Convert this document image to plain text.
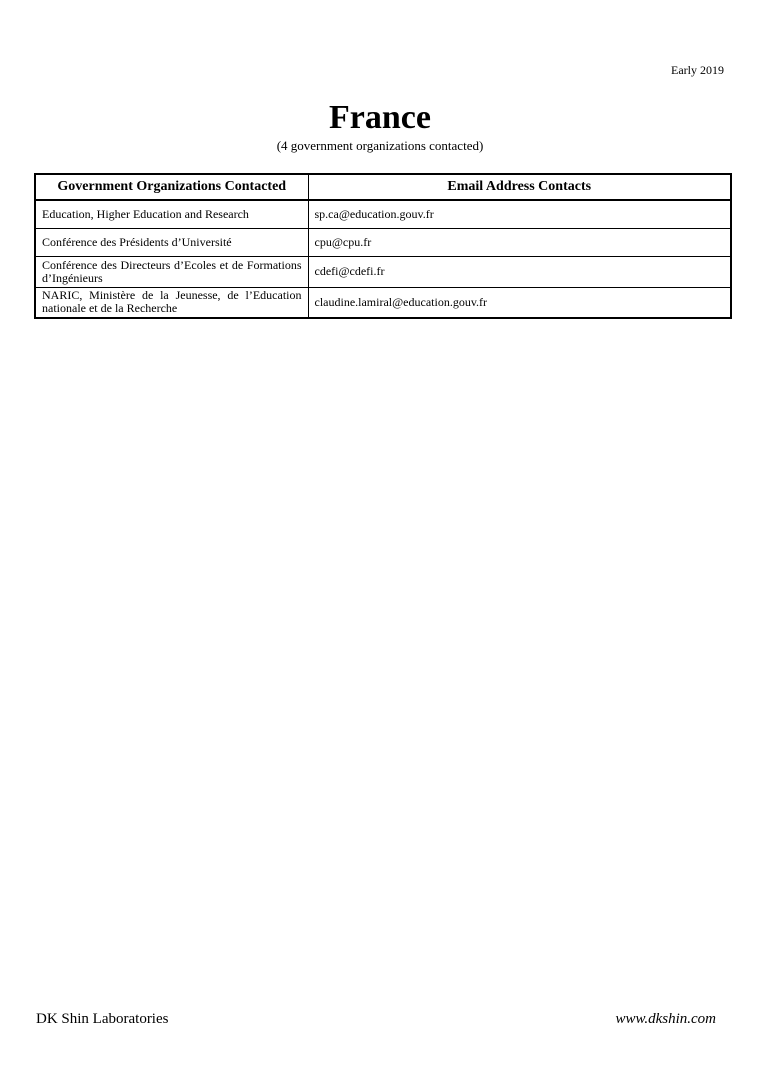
Early 2019
France
(4 government organizations contacted)
Government Organizations Contacted	Email Address Contacts
Education, Higher Education and Research	sp.ca@education.gouv.fr
Conférence des Présidents d’Université	cpu@cpu.fr
Conférence des Directeurs d’Ecoles et de Formations d’Ingénieurs	cdefi@cdefi.fr
NARIC, Ministère de la Jeunesse, de l’Education nationale et de la Recherche	claudine.lamiral@education.gouv.fr
DK Shin Laboratories	www.dkshin.com
